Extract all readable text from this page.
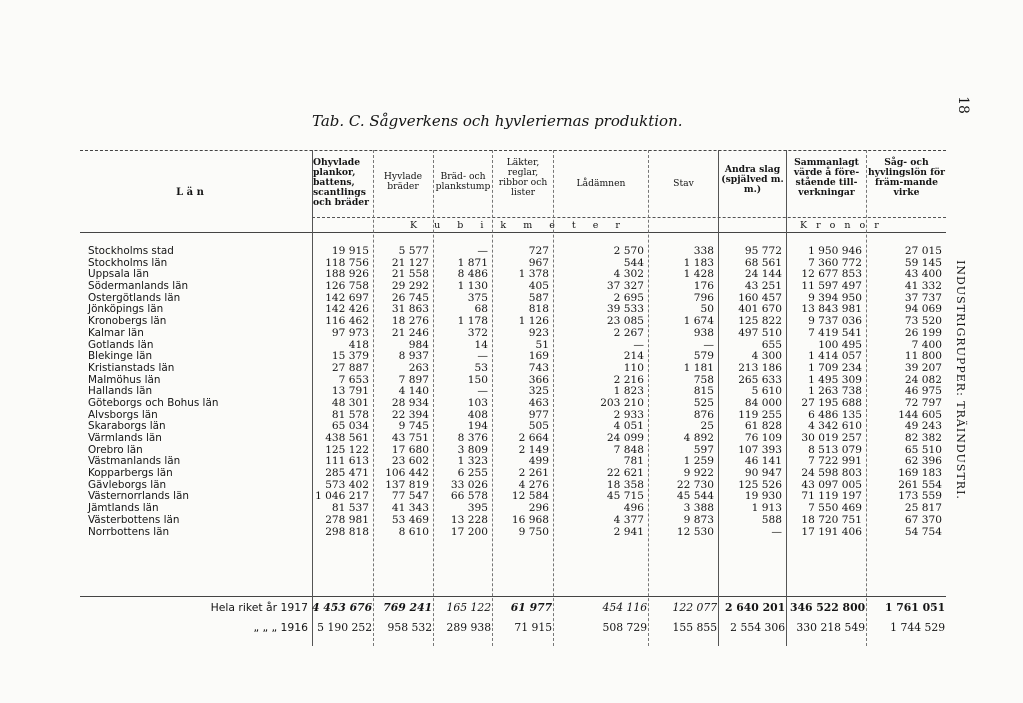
18
Tab. C. Sågverkens och hyvleriernas produktion.
INDUSTRIGRUPPER: TRÄINDUSTRI.
L ä n
Ohyvlade plankor, battens, scantlings och bräder
Hyvlade bräder
Bräd- och plankstump
Läkter, reglar, ribbor och lister
Lådämnen	Stav
Andra slag (spjälved m. m.)
Sammanlagt värde å före-stående till-verkningar
Såg- och hyvlingslön för främ-mande virke
K u b i k m e t e r	K r o n o r
Stockholms stad	19 915	5 577	—	727	2 570	338	95 772	1 950 946	27 015
Stockholms län	118 756	21 127	1 871	967	544	1 183	68 561	7 360 772	59 145
Uppsala län	188 926	21 558	8 486	1 378	4 302	1 428	24 144	12 677 853	43 400
Södermanlands län	126 758	29 292	1 130	405	37 327	176	43 251	11 597 497	41 332
Östergötlands län	142 697	26 745	375	587	2 695	796	160 457	9 394 950	37 737
Jönköpings län	142 426	31 863	68	818	39 533	50	401 670	13 843 981	94 069
Kronobergs län	116 462	18 276	1 178	1 126	23 085	1 674	125 822	9 737 036	73 520
Kalmar län	97 973	21 246	372	923	2 267	938	497 510	7 419 541	26 199
Gotlands län	418	984	14	51	—	—	655	100 495	7 400
Blekinge län	15 379	8 937	—	169	214	579	4 300	1 414 057	11 800
Kristianstads län	27 887	263	53	743	110	1 181	213 186	1 709 234	39 207
Malmöhus län	7 653	7 897	150	366	2 216	758	265 633	1 495 309	24 082
Hallands län	13 791	4 140	—	325	1 823	815	5 610	1 263 738	46 975
Göteborgs och Bohus län	48 301	28 934	103	463	203 210	525	84 000	27 195 688	72 797
Älvsborgs län	81 578	22 394	408	977	2 933	876	119 255	6 486 135	144 605
Skaraborgs län	65 034	9 745	194	505	4 051	25	61 828	4 342 610	49 243
Värmlands län	438 561	43 751	8 376	2 664	24 099	4 892	76 109	30 019 257	82 382
Örebro län	125 122	17 680	3 809	2 149	7 848	597	107 393	8 513 079	65 510
Västmanlands län	111 613	23 602	1 323	499	781	1 259	46 141	7 722 991	62 396
Kopparbergs län	285 471	106 442	6 255	2 261	22 621	9 922	90 947	24 598 803	169 183
Gävleborgs län	573 402	137 819	33 026	4 276	18 358	22 730	125 526	43 097 005	261 554
Västernorrlands län	1 046 217	77 547	66 578	12 584	45 715	45 544	19 930	71 119 197	173 559
Jämtlands län	81 537	41 343	395	296	496	3 388	1 913	7 550 469	25 817
Västerbottens län	278 981	53 469	13 228	16 968	4 377	9 873	588	18 720 751	67 370
Norrbottens län	298 818	8 610	17 200	9 750	2 941	12 530	—	17 191 406	54 754
Hela riket år 1917	4 453 676	769 241	165 122	61 977	454 116	122 077	2 640 201	346 522 800	1 761 051
„ „ „ 1916	5 190 252	958 532	289 938	71 915	508 729	155 855	2 554 306	330 218 549	1 744 529
